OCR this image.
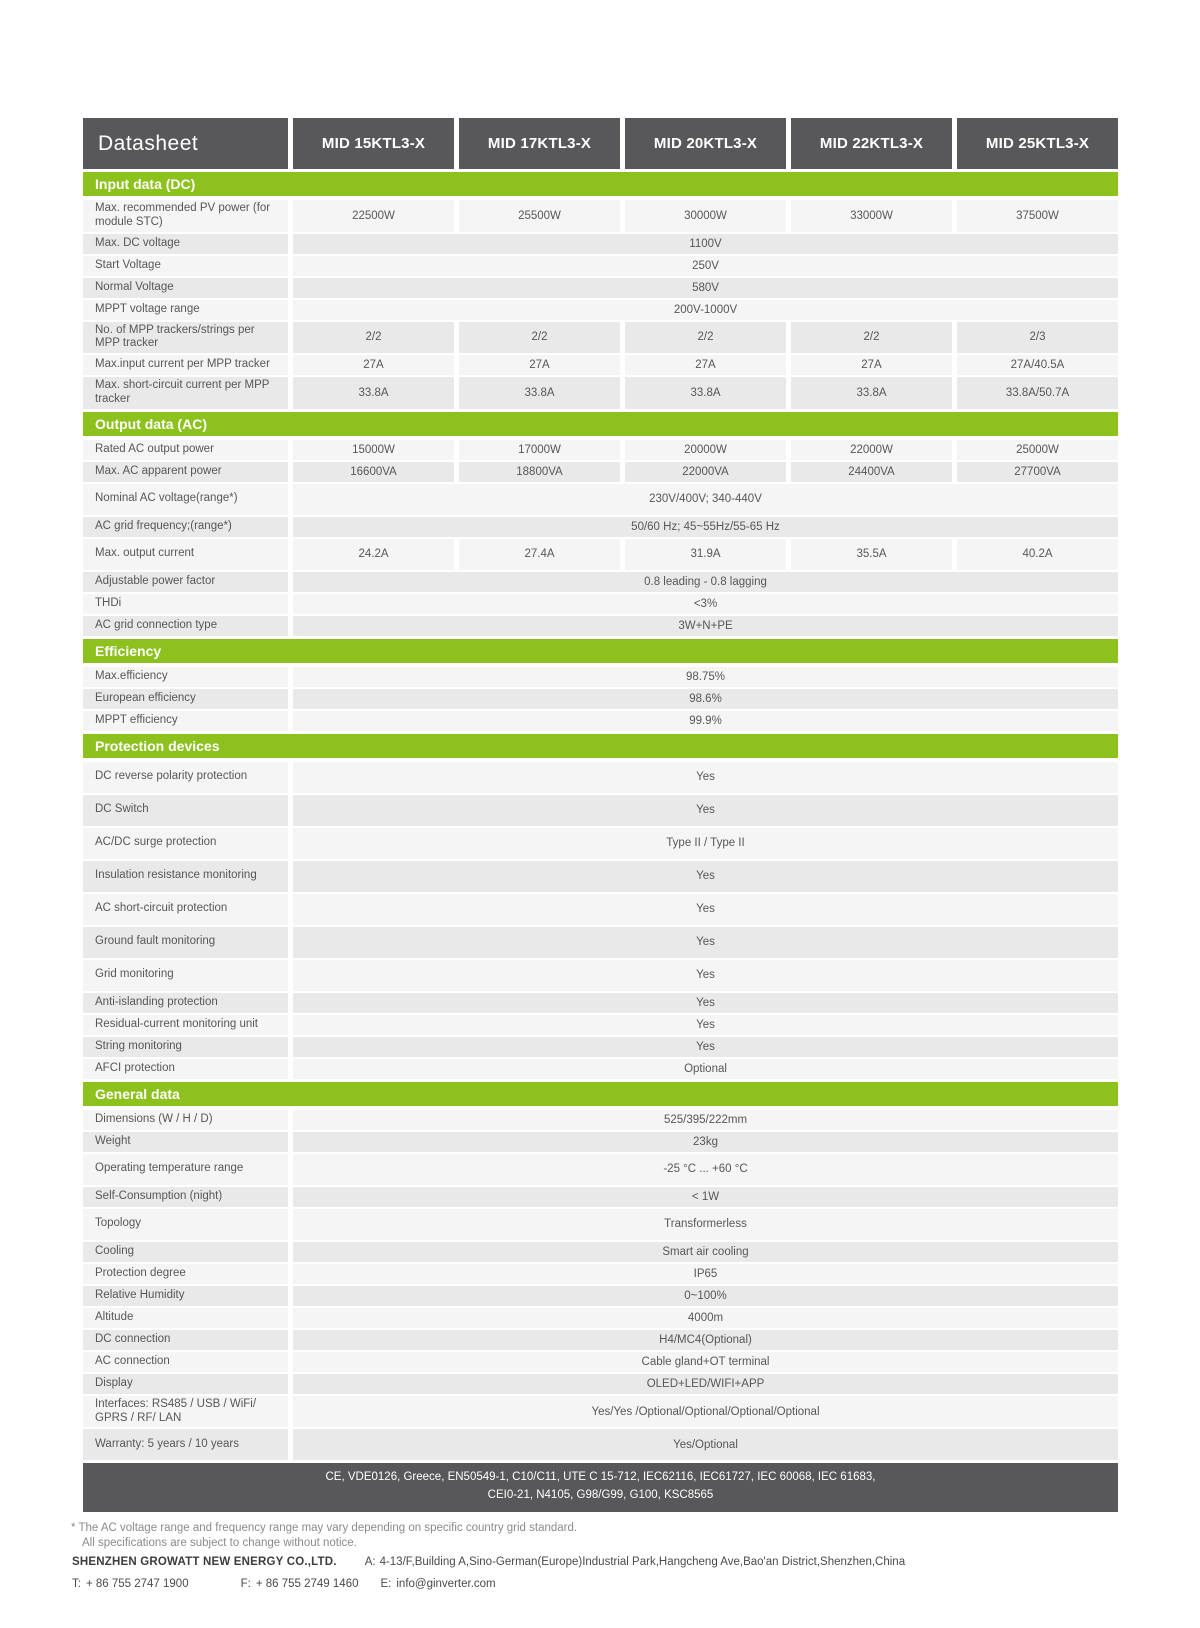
Datasheet	MID 15KTL3-X	MID 17KTL3-X	MID 20KTL3-X	MID 22KTL3-X	MID 25KTL3-X
Input data (DC)
Max. recommended PV power (for module STC)	22500W	25500W	30000W	33000W	37500W
Max. DC voltage	1100V
Start Voltage	250V
Normal Voltage	580V
MPPT voltage range	200V-1000V
No. of MPP trackers/strings per MPP tracker	2/2	2/2	2/2	2/2	2/3
Max.input current per MPP tracker	27A	27A	27A	27A	27A/40.5A
Max. short-circuit current per MPP tracker	33.8A	33.8A	33.8A	33.8A	33.8A/50.7A
Output data (AC)
Rated AC output power	15000W	17000W	20000W	22000W	25000W
Max. AC apparent power	16600VA	18800VA	22000VA	24400VA	27700VA
Nominal AC voltage(range*)	230V/400V; 340-440V
AC grid frequency;(range*)	50/60 Hz; 45~55Hz/55-65 Hz
Max. output current	24.2A	27.4A	31.9A	35.5A	40.2A
Adjustable power factor	0.8 leading - 0.8 lagging
THDi	<3%
AC grid connection type	3W+N+PE
Efficiency
Max.efficiency	98.75%
European efficiency	98.6%
MPPT efficiency	99.9%
Protection devices
DC reverse polarity protection	Yes
DC Switch	Yes
AC/DC surge protection	Type II / Type II
Insulation resistance monitoring	Yes
AC short-circuit protection	Yes
Ground fault monitoring	Yes
Grid monitoring	Yes
Anti-islanding protection	Yes
Residual-current monitoring unit	Yes
String monitoring	Yes
AFCI protection	Optional
General data
Dimensions (W / H / D)	525/395/222mm
Weight	23kg
Operating temperature range	-25 °C ... +60 °C
Self-Consumption (night)	< 1W
Topology	Transformerless
Cooling	Smart air cooling
Protection degree	IP65
Relative Humidity	0~100%
Altitude	4000m
DC connection	H4/MC4(Optional)
AC connection	Cable gland+OT terminal
Display	OLED+LED/WIFI+APP
Interfaces: RS485 / USB / WiFi/ GPRS / RF/ LAN	Yes/Yes /Optional/Optional/Optional/Optional
Warranty: 5 years / 10 years	Yes/Optional
CE, VDE0126, Greece, EN50549-1, C10/C11, UTE C 15-712, IEC62116, IEC61727, IEC 60068, IEC 61683,
CEI0-21, N4105, G98/G99, G100, KSC8565
* The AC voltage range and frequency range may vary depending on specific country grid standard.
All specifications are subject to change without notice.
SHENZHEN GROWATT NEW ENERGY CO.,LTD. A: 4-13/F,Building A,Sino-German(Europe)Industrial Park,Hangcheng Ave,Bao'an District,Shenzhen,China
T: + 86 755 2747 1900	F: + 86 755 2749 1460 E: info@ginverter.com
